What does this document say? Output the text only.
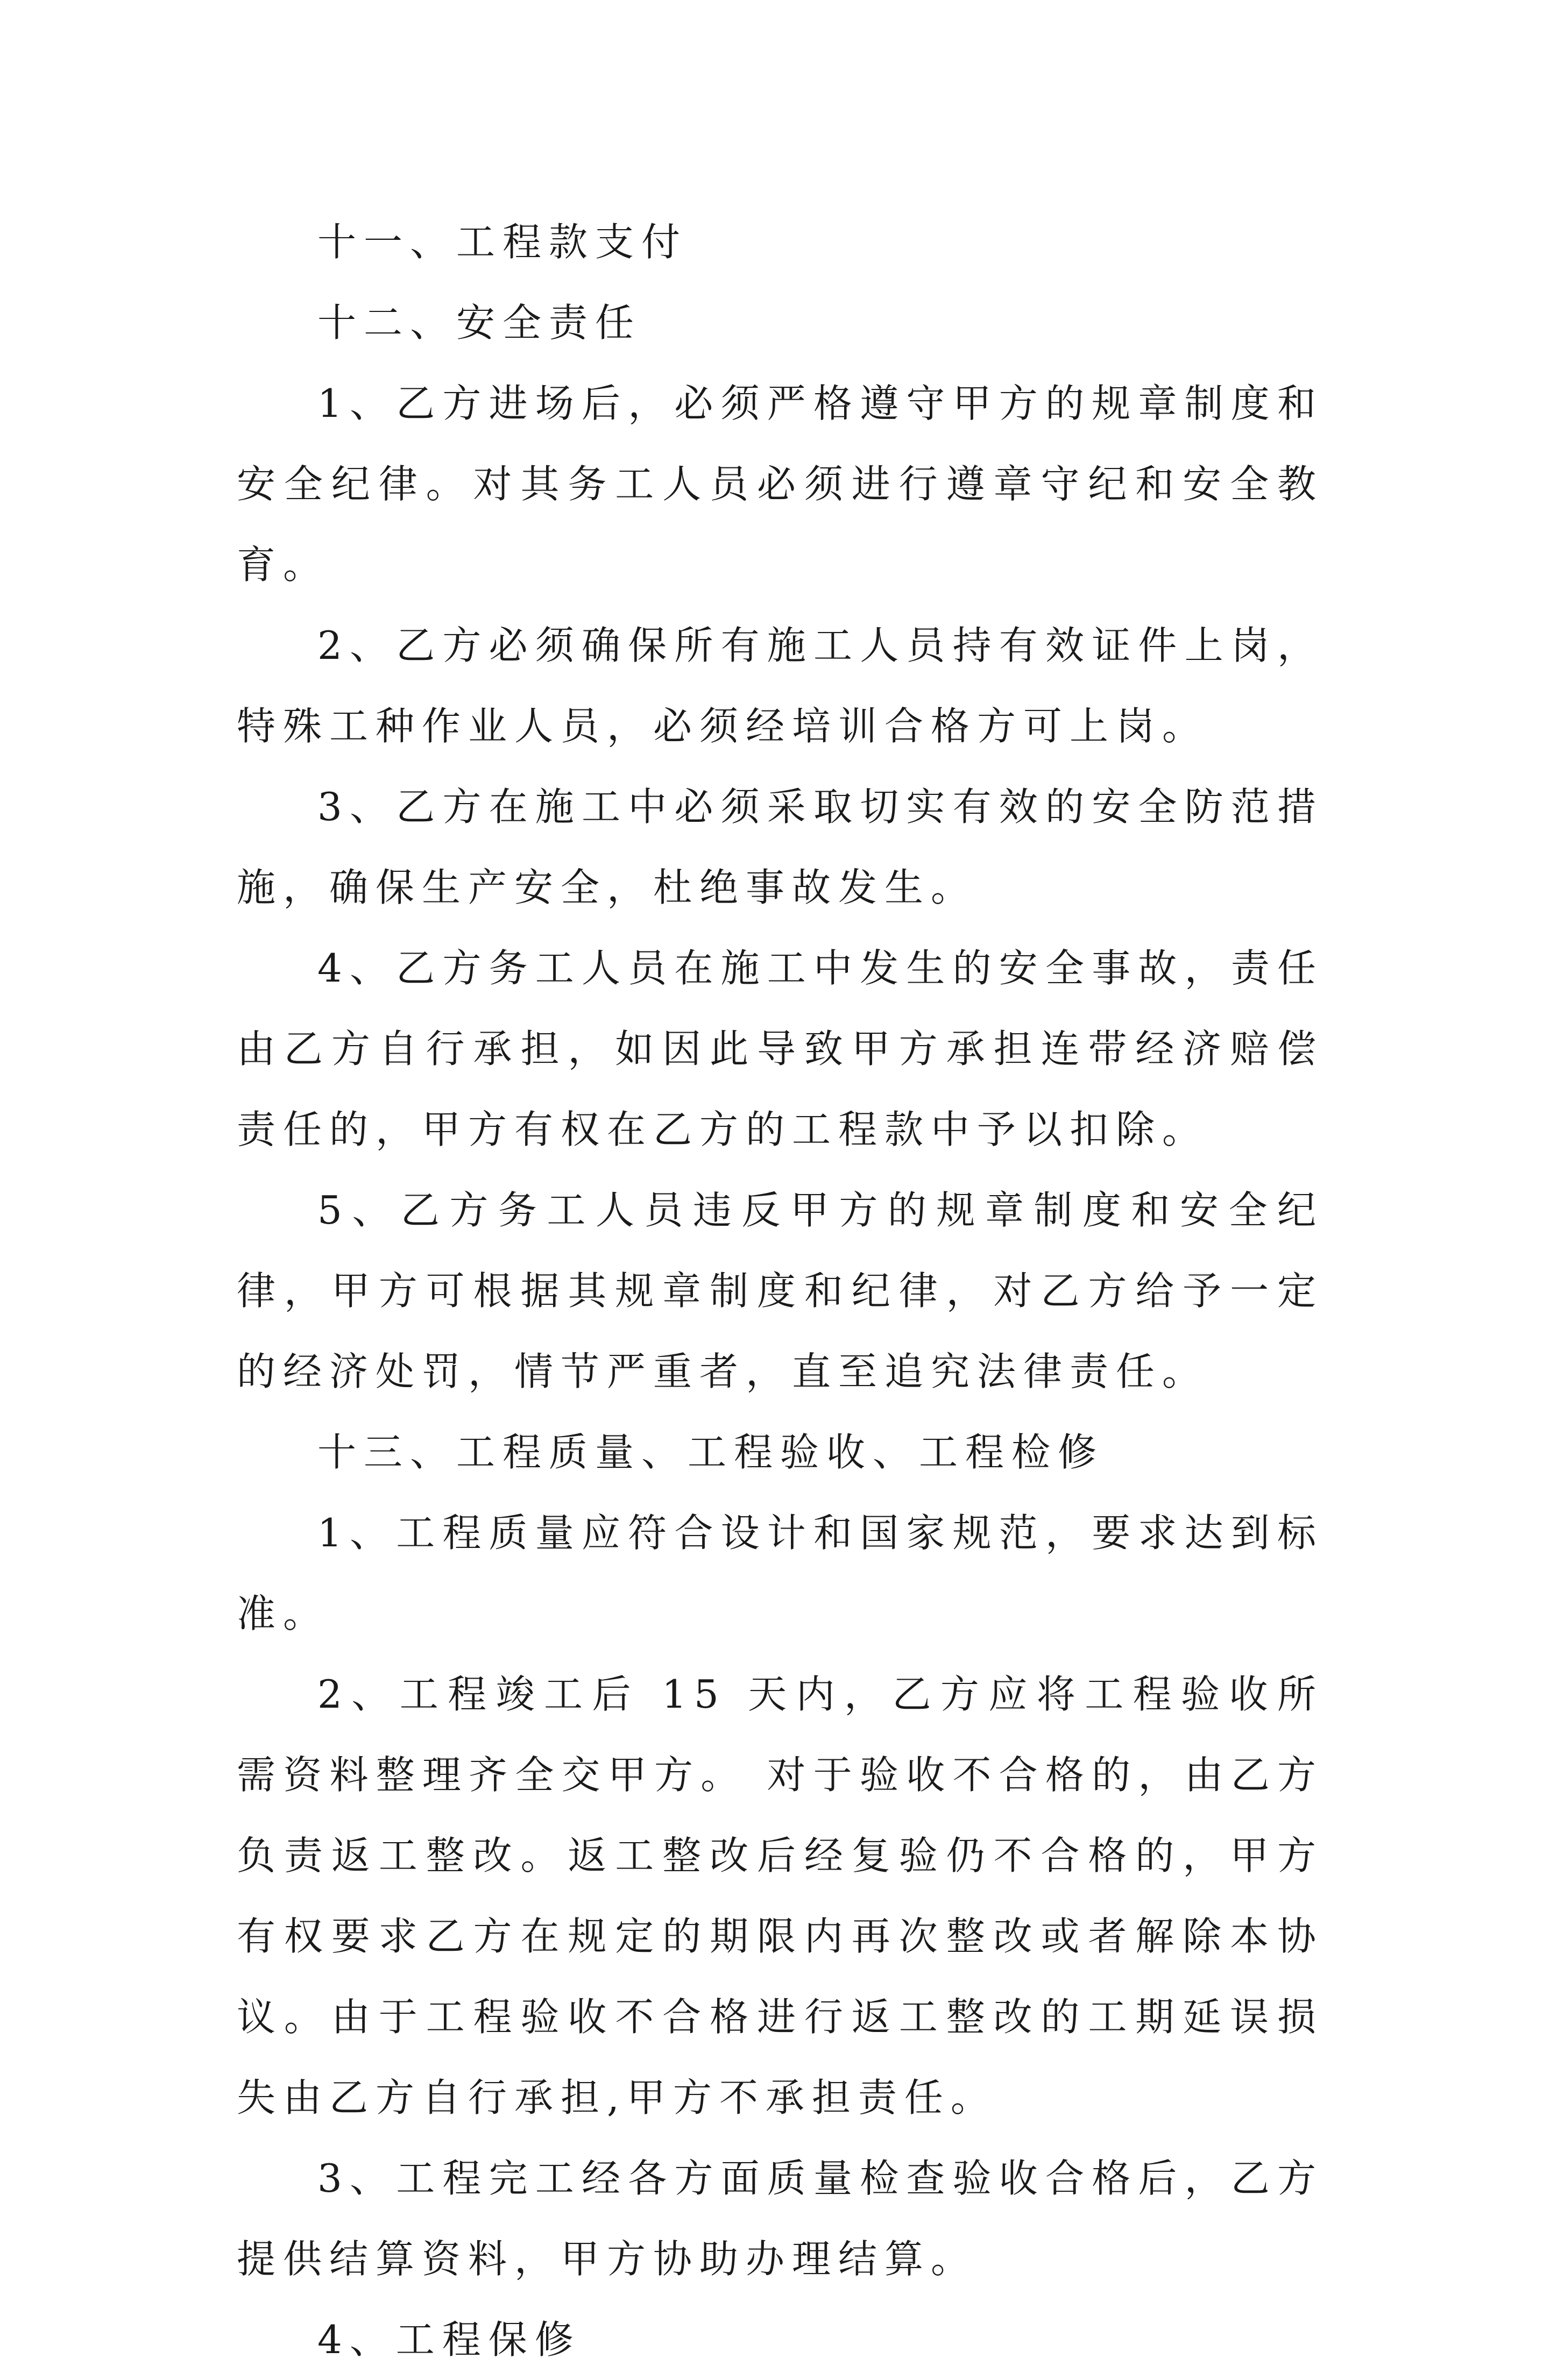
十一、工程款支付

十二、安全责任

1、乙方进场后，必须严格遵守甲方的规章制度和安全纪律。对其务工人员必须进行遵章守纪和安全教育。

2、乙方必须确保所有施工人员持有效证件上岗，特殊工种作业人员，必须经培训合格方可上岗。

3、乙方在施工中必须采取切实有效的安全防范措施，确保生产安全，杜绝事故发生。

4、乙方务工人员在施工中发生的安全事故，责任由乙方自行承担，如因此导致甲方承担连带经济赔偿责任的，甲方有权在乙方的工程款中予以扣除。

5、乙方务工人员违反甲方的规章制度和安全纪律，甲方可根据其规章制度和纪律，对乙方给予一定的经济处罚，情节严重者，直至追究法律责任。

十三、工程质量、工程验收、工程检修

1、工程质量应符合设计和国家规范，要求达到标准。

2、工程竣工后 15 天内，乙方应将工程验收所需资料整理齐全交甲方。 对于验收不合格的，由乙方负责返工整改。返工整改后经复验仍不合格的，甲方有权要求乙方在规定的期限内再次整改或者解除本协议。由于工程验收不合格进行返工整改的工期延误损失由乙方自行承担,甲方不承担责任。

3、工程完工经各方面质量检查验收合格后，乙方提供结算资料，甲方协助办理结算。

4、工程保修
